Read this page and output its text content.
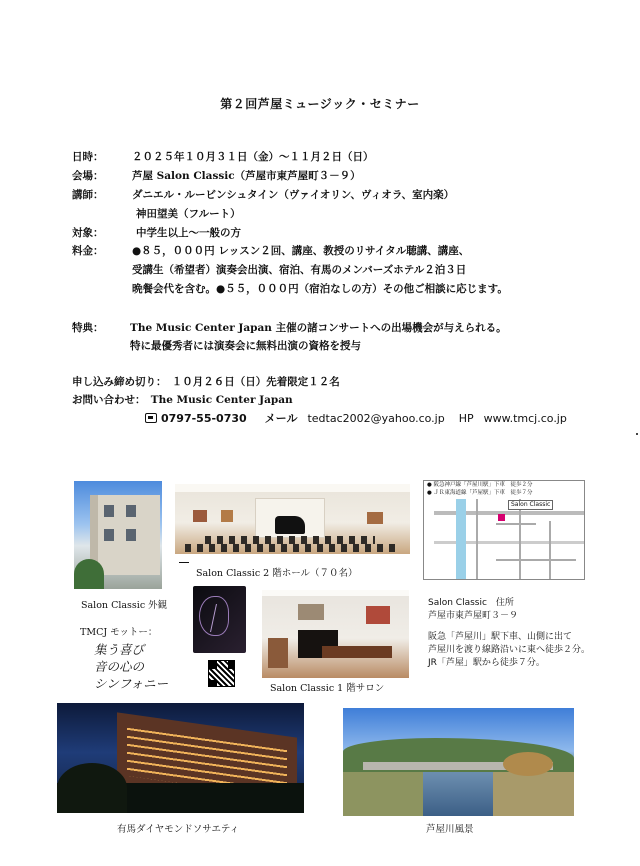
第２回芦屋ミュージック・セミナー
日時：	２０２５年１０月３１日（金）～１１月２日（日）
会場：	芦屋 Salon Classic（芦屋市東芦屋町３－９）
講師：	ダニエル・ルービンシュタイン（ヴァイオリン、ヴィオラ、室内楽）
神田望美（フルート）
対象：	中学生以上～一般の方
料金：	●８５，０００円 レッスン２回、講座、教授のリサイタル聴講、講座、
受講生（希望者）演奏会出演、宿泊、有馬のメンバーズホテル２泊３日
晩餐会代を含む。●５５，０００円（宿泊なしの方）その他ご相談に応じます。
特典：	The Music Center Japan 主催の諸コンサートへの出場機会が与えられる。
特に最優秀者には演奏会に無料出演の資格を授与
申し込み締め切り：　１０月２６日（日）先着限定１２名
お問い合わせ：　The Music Center Japan
0797-55-0730 メール tedtac2002@yahoo.co.jp HP www.tmcj.co.jp
Salon Classic 外観
Salon Classic 2 階ホール（７０名）
● 阪急神戸線「芦屋川駅」下車　徒歩２分
● ＪＲ東海道線「芦屋駅」下車　徒歩７分
Salon Classic
Salon Classic　住所
芦屋市東芦屋町３－９
阪急「芦屋川」駅下車、山側に出て
芦屋川を渡り線路沿いに東へ徒歩２分。
JR「芦屋」駅から徒歩７分。
TMCJ モットー：
集う喜び
音の心の
シンフォニー	Salon Classic 1 階サロン
有馬ダイヤモンドソサエティ	芦屋川風景
